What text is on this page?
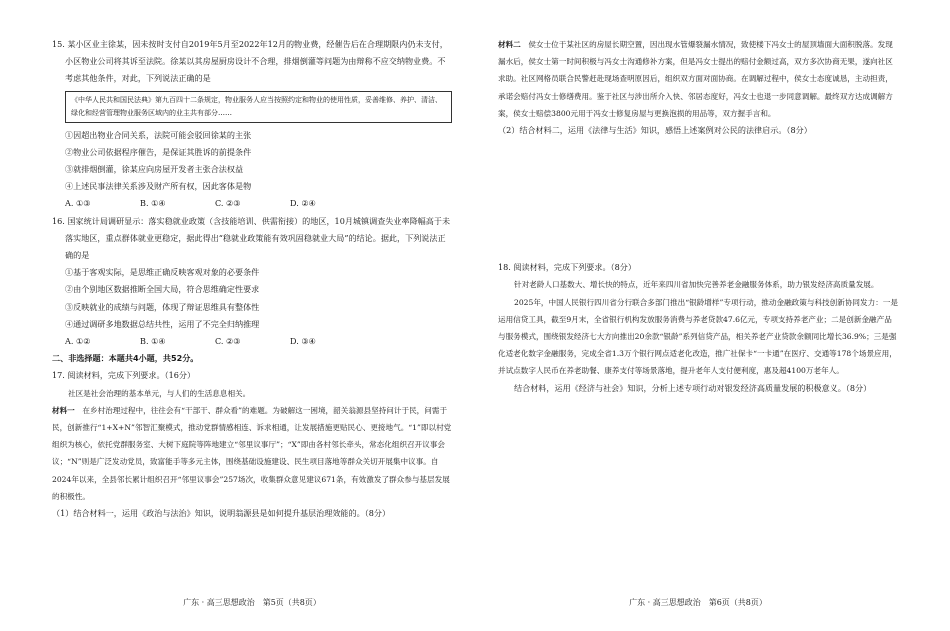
15. 某小区业主徐某，因未按时支付自2019年5月至2022年12月的物业费，经催告后在合理期限内仍未支付，小区物业公司将其诉至法院。徐某以其房屋厨房设计不合理，排烟倒灌等问题为由辩称不应交纳物业费。不考虑其他条件，对此，下列说法正确的是

《中华人民共和国民法典》第九百四十二条规定，物业服务人应当按照约定和物业的使用性质，妥善维修、养护、清洁、绿化和经营管理物业服务区域内的业主共有部分……

①因超出物业合同关系，法院可能会驳回徐某的主张

②物业公司依据程序催告，是保证其胜诉的前提条件

③就排烟倒灌，徐某应向房屋开发者主张合法权益

④上述民事法律关系涉及财产所有权，因此客体是物

A. ①③	B. ①④	C. ②③	D. ②④

16. 国家统计局调研显示：落实稳就业政策（含技能培训、供需衔接）的地区，10月城镇调查失业率降幅高于未落实地区，重点群体就业更稳定，据此得出“稳就业政策能有效巩固稳就业大局”的结论。据此，下列说法正确的是

①基于客观实际，是思维正确反映客观对象的必要条件

②由个别地区数据推断全国大局，符合思维确定性要求

③反映就业的成绩与问题，体现了辩证思维具有整体性

④通过调研多地数据总结共性，运用了不完全归纳推理

A. ①②	B. ①④	C. ②③	D. ③④

二、非选择题：本题共4小题，共52分。

17. 阅读材料，完成下列要求。（16分）

社区是社会治理的基本单元，与人们的生活息息相关。

材料一　 在乡村治理过程中，往往会有“干部干、群众看”的难题。为破解这一困境，韶关翁源县坚持问计于民，问需于民，创新推行“1+X+N”邻智汇聚模式，推动党群情感相连、诉求相通，让发展措施更贴民心、更接地气。“1”即以村党组织为核心，依托党群服务室、大树下庭院等阵地建立“邻里议事厅”；“X”即由各村邻长牵头，常态化组织召开议事会议；“N”则是广泛发动党员，致富能手等多元主体，围绕基础设施建设、民生项目落地等群众关切开展集中议事。自2024年以来，全县邻长累计组织召开“邻里议事会”257场次，收集群众意见建议671条，有效激发了群众参与基层发展的积极性。

（1）结合材料一，运用《政治与法治》知识，说明翁源县是如何提升基层治理效能的。（8分）

广东 · 高三思想政治　第5页（共8页）

材料二　 侯女士位于某社区的房屋长期空置，因出现水管爆裂漏水情况，致使楼下冯女士的屋顶墙面大面积脱落。发现漏水后，侯女士第一时间积极与冯女士沟通修补方案，但是冯女士提出的赔付金额过高，双方多次协商无果，遂向社区求助。社区网格员联合民警赶赴现场查明原因后，组织双方面对面协商。在调解过程中，侯女士态度诚恳，主动担责，承诺会赔付冯女士修缮费用。鉴于社区与涉出所介入快、邻居态度好，冯女士也退一步同意调解。最终双方达成调解方案，侯女士赔偿3800元用于冯女士修复房屋与更换泡损的用品等，双方握手言和。

（2）结合材料二，运用《法律与生活》知识，感悟上述案例对公民的法律启示。（8分）

18. 阅读材料，完成下列要求。（8分）

针对老龄人口基数大、增长快的特点，近年来四川省加快完善养老金融服务体系，助力银发经济高质量发展。

2025年，中国人民银行四川省分行联合多部门推出“银龄增样”专项行动，推动金融政策与科技创新协同发力：一是运用信贷工具，截至9月末，全省银行机构发放服务消费与养老贷款47.6亿元，专项支持养老产业；二是创新金融产品与服务模式，围绕银发经济七大方向推出20余款“银龄”系列信贷产品，相关养老产业贷款余额同比增长36.9%；三是强化适老化数字金融服务，完成全省1.3万个银行网点适老化改造，推广社保卡“一卡通”在医疗、交通等178个场景应用，并试点数字人民币在养老助餐、康养支付等场景落地，提升老年人支付便利度，惠及超4100万老年人。

结合材料，运用《经济与社会》知识，分析上述专项行动对银发经济高质量发展的积极意义。（8分）

广东 · 高三思想政治　第6页（共8页）
